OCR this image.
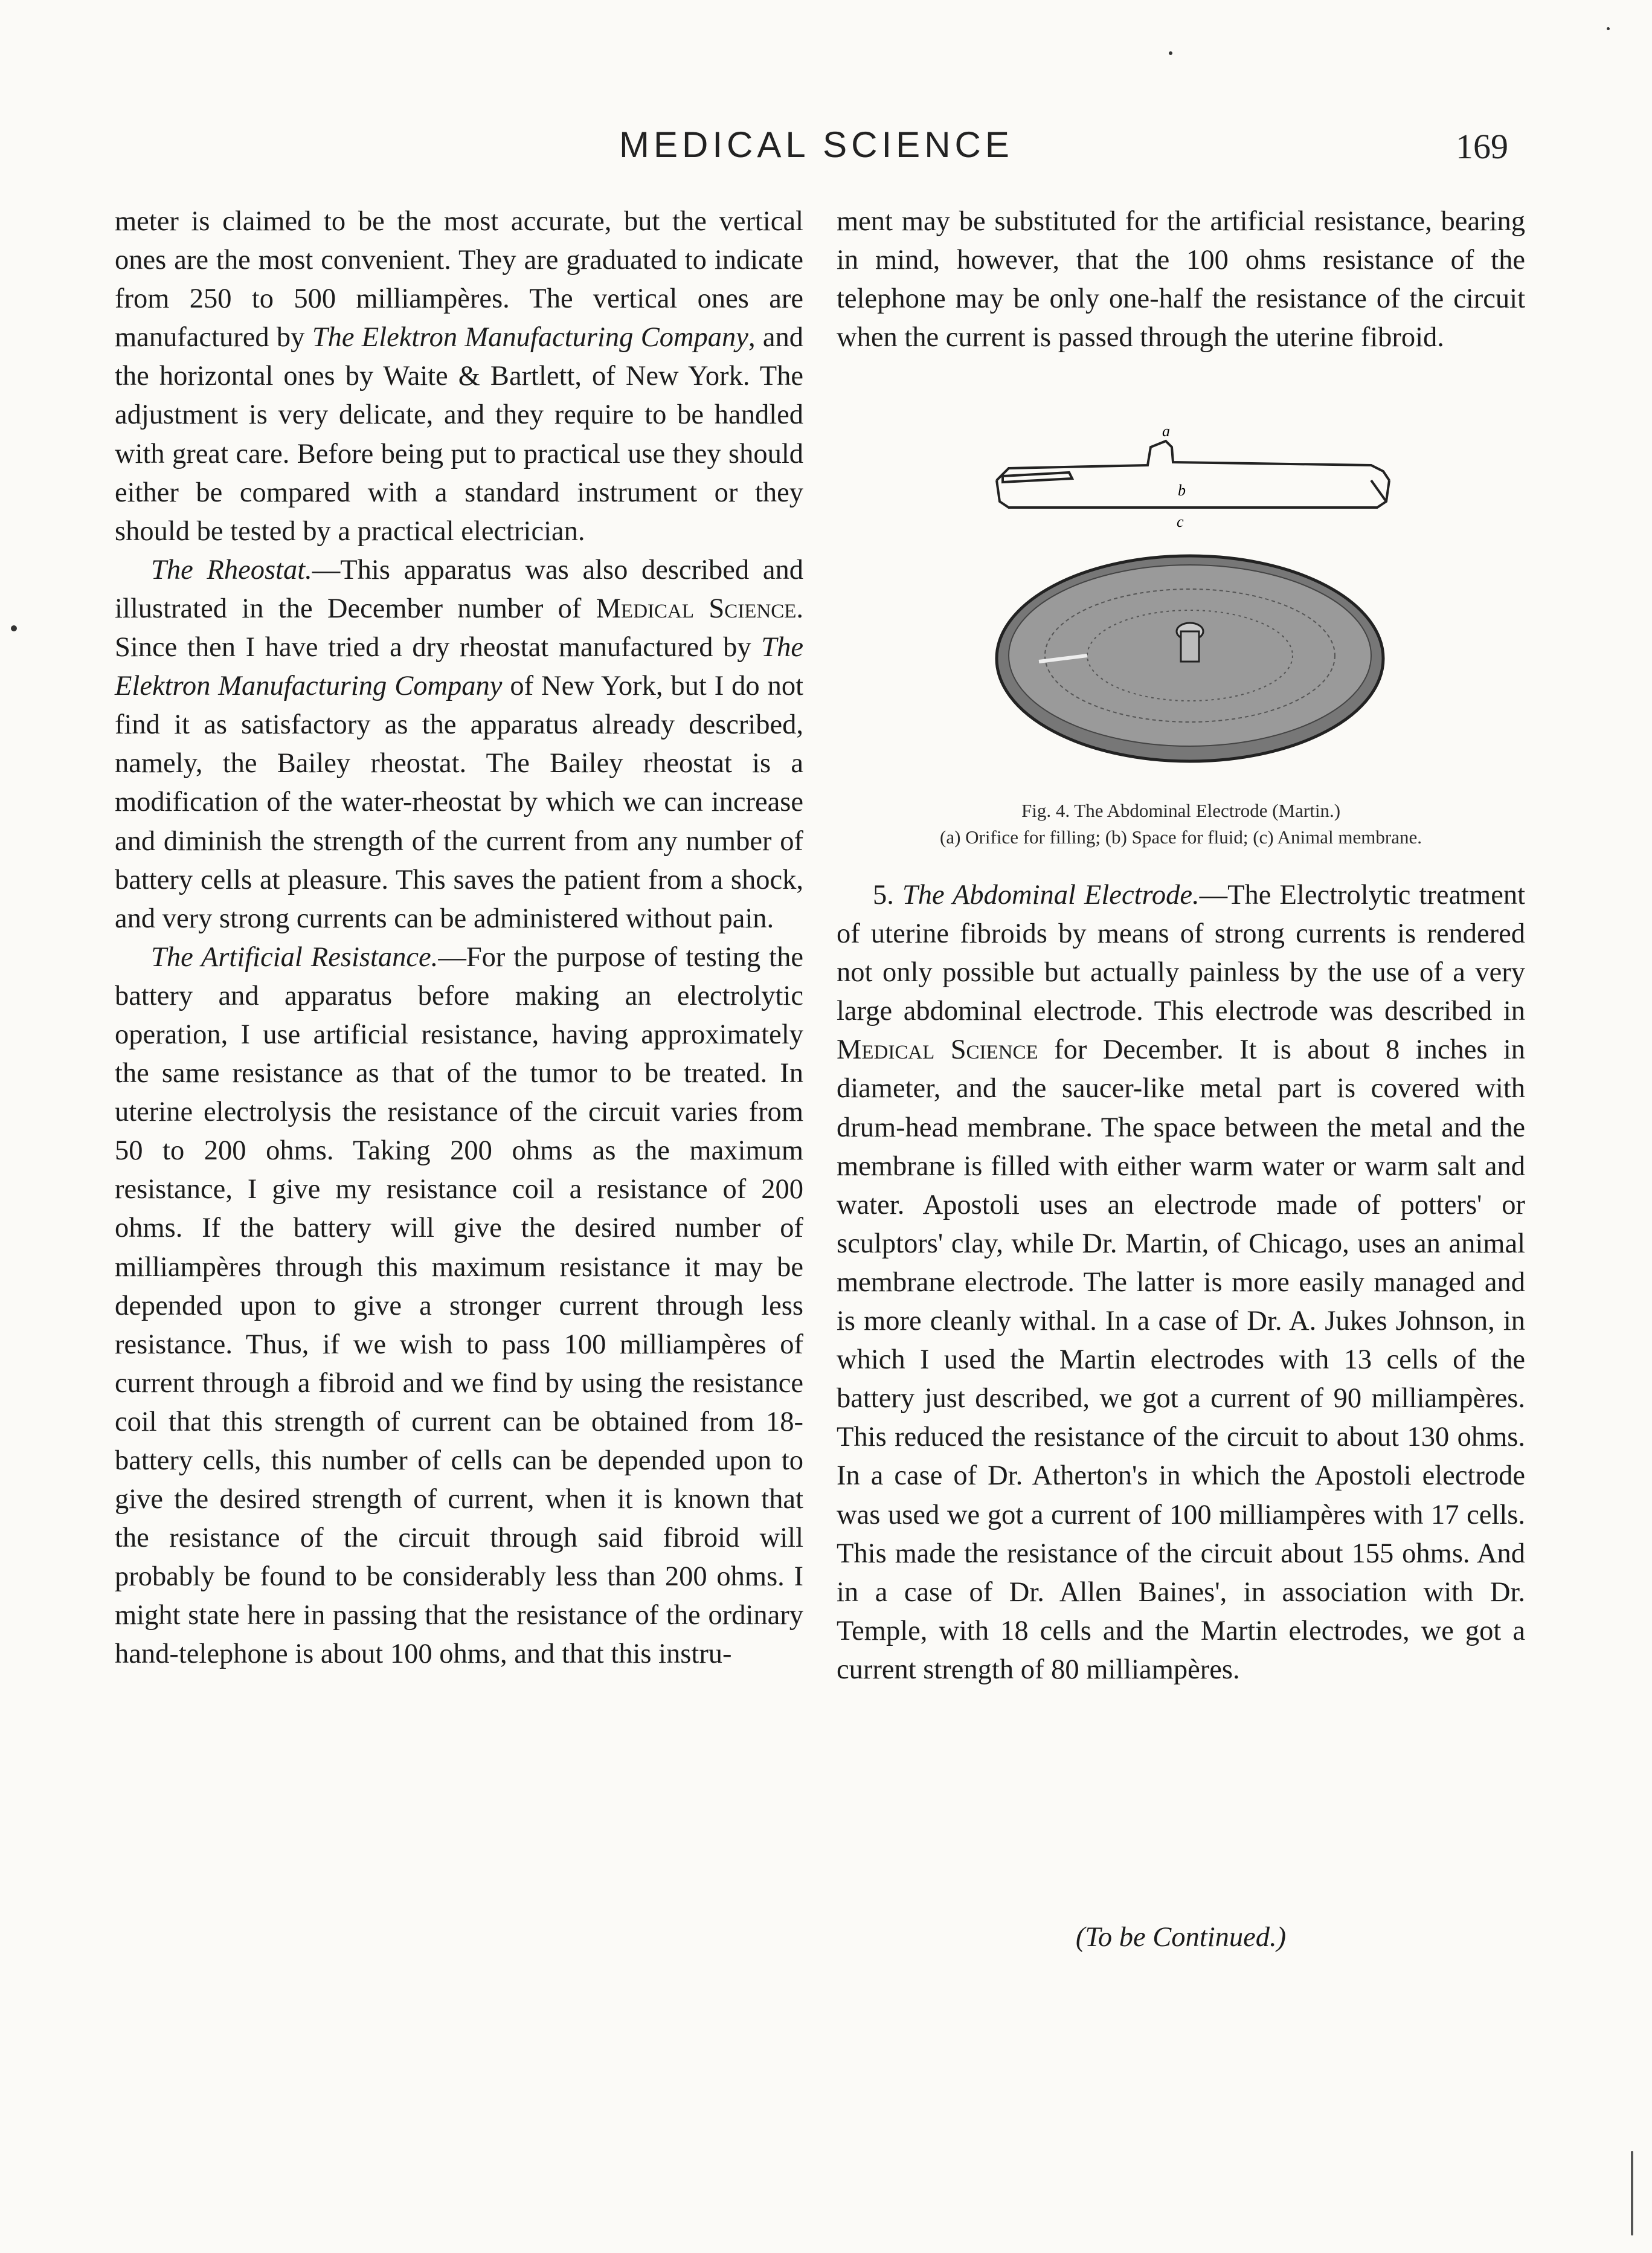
MEDICAL SCIENCE	169

meter is claimed to be the most accurate, but the vertical ones are the most convenient. They are graduated to indicate from 250 to 500 milliampères. The vertical ones are manufactured by The Elektron Manufacturing Company, and the horizontal ones by Waite & Bartlett, of New York. The adjustment is very delicate, and they require to be handled with great care. Before being put to practical use they should either be compared with a standard instrument or they should be tested by a practical electrician.

The Rheostat.—This apparatus was also described and illustrated in the December number of Medical Science. Since then I have tried a dry rheostat manufactured by The Elektron Manufacturing Company of New York, but I do not find it as satisfactory as the apparatus already described, namely, the Bailey rheostat. The Bailey rheostat is a modification of the water-rheostat by which we can increase and diminish the strength of the current from any number of battery cells at pleasure. This saves the patient from a shock, and very strong currents can be administered without pain.

The Artificial Resistance.—For the purpose of testing the battery and apparatus before making an electrolytic operation, I use artificial resistance, having approximately the same resistance as that of the tumor to be treated. In uterine electrolysis the resistance of the circuit varies from 50 to 200 ohms. Taking 200 ohms as the maximum resistance, I give my resistance coil a resistance of 200 ohms. If the battery will give the desired number of milliampères through this maximum resistance it may be depended upon to give a stronger current through less resistance. Thus, if we wish to pass 100 milliampères of current through a fibroid and we find by using the resistance coil that this strength of current can be obtained from 18-battery cells, this number of cells can be depended upon to give the desired strength of current, when it is known that the resistance of the circuit through said fibroid will probably be found to be considerably less than 200 ohms. I might state here in passing that the resistance of the ordinary hand-telephone is about 100 ohms, and that this instru-

ment may be substituted for the artificial resistance, bearing in mind, however, that the 100 ohms resistance of the telephone may be only one-half the resistance of the circuit when the current is passed through the uterine fibroid.
a
b
c
Fig. 4. The Abdominal Electrode (Martin.)
(a) Orifice for filling; (b) Space for fluid; (c) Animal membrane.

5. The Abdominal Electrode.—The Electrolytic treatment of uterine fibroids by means of strong currents is rendered not only possible but actually painless by the use of a very large abdominal electrode. This electrode was described in Medical Science for December. It is about 8 inches in diameter, and the saucer-like metal part is covered with drum-head membrane. The space between the metal and the membrane is filled with either warm water or warm salt and water. Apostoli uses an electrode made of potters' or sculptors' clay, while Dr. Martin, of Chicago, uses an animal membrane electrode. The latter is more easily managed and is more cleanly withal. In a case of Dr. A. Jukes Johnson, in which I used the Martin electrodes with 13 cells of the battery just described, we got a current of 90 milliampères. This reduced the resistance of the circuit to about 130 ohms. In a case of Dr. Atherton's in which the Apostoli electrode was used we got a current of 100 milliampères with 17 cells. This made the resistance of the circuit about 155 ohms. And in a case of Dr. Allen Baines', in association with Dr. Temple, with 18 cells and the Martin electrodes, we got a current strength of 80 milliampères.

(To be Continued.)
